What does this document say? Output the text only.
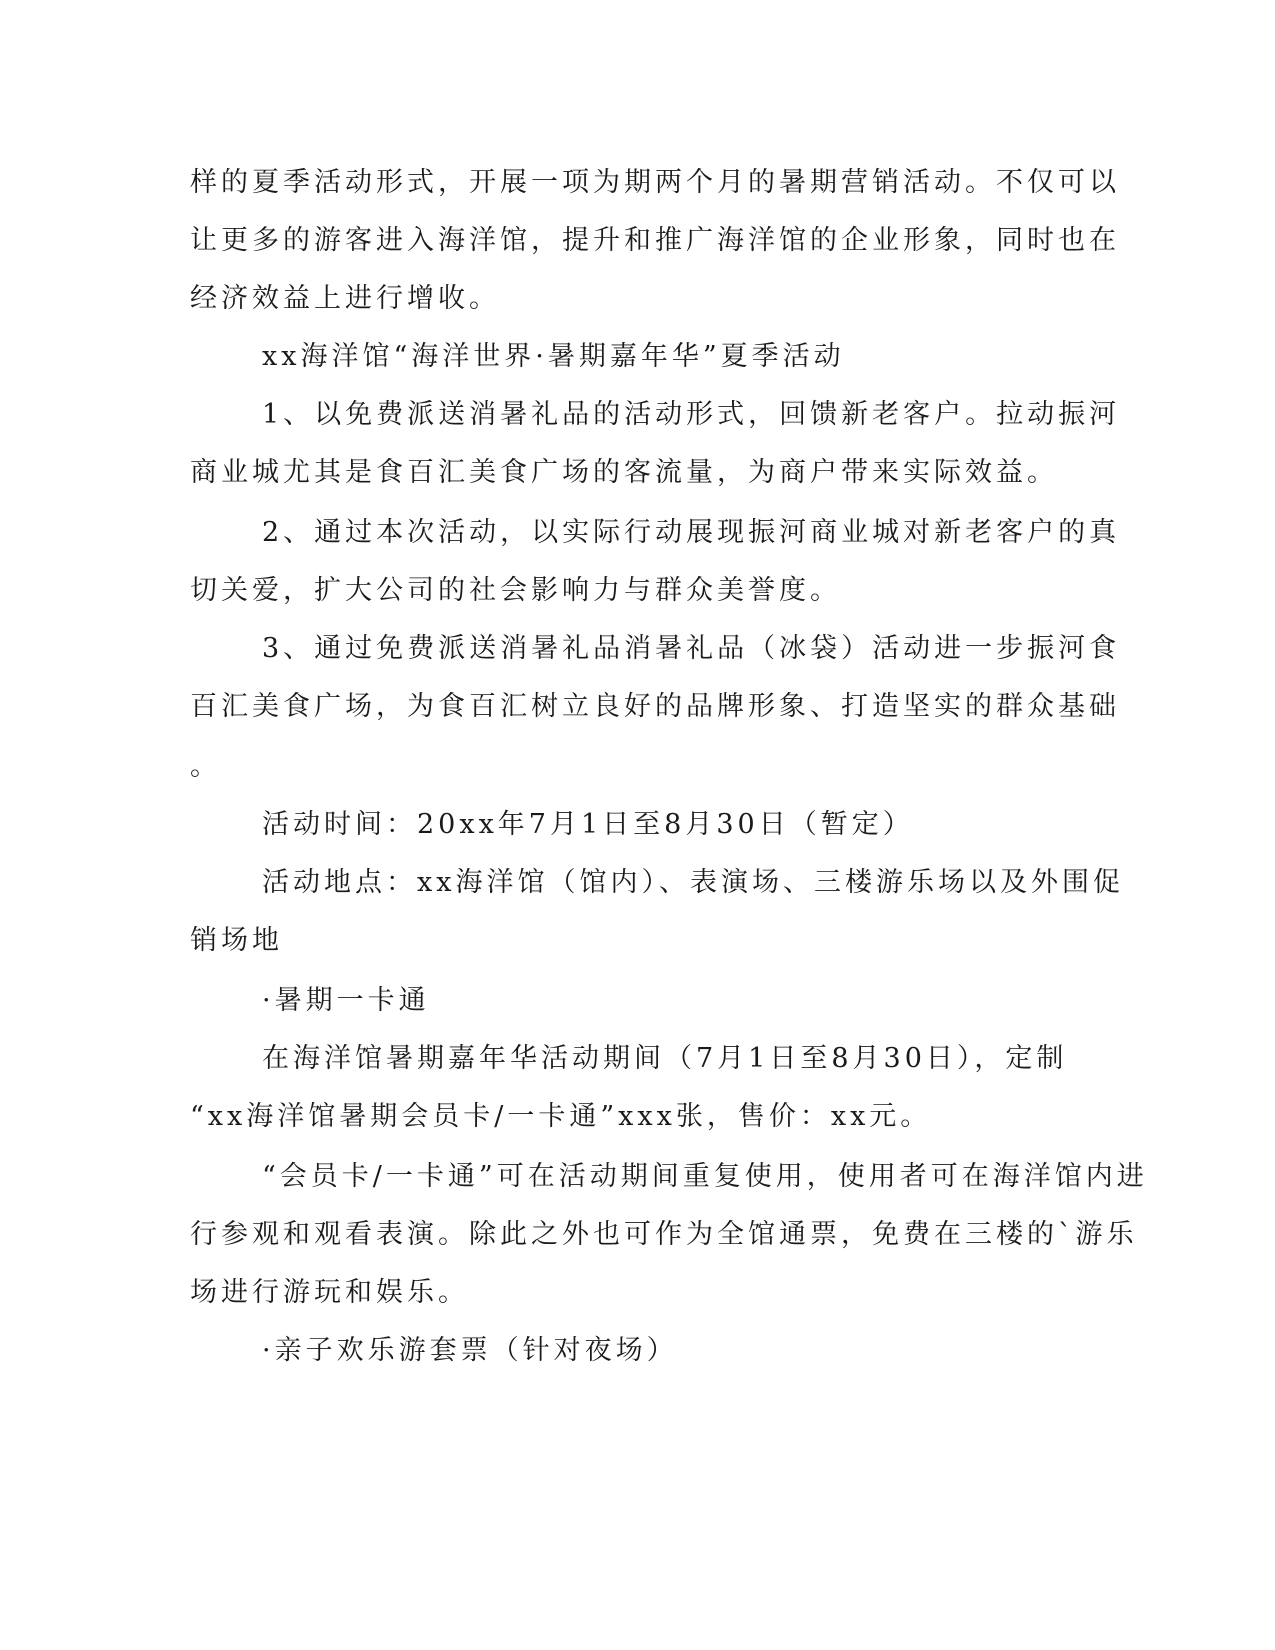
样的夏季活动形式，开展一项为期两个月的暑期营销活动。不仅可以
让更多的游客进入海洋馆，提升和推广海洋馆的企业形象，同时也在
经济效益上进行增收。
xx海洋馆“海洋世界·暑期嘉年华”夏季活动
1、以免费派送消暑礼品的活动形式，回馈新老客户。拉动振河
商业城尤其是食百汇美食广场的客流量，为商户带来实际效益。
2、通过本次活动，以实际行动展现振河商业城对新老客户的真
切关爱，扩大公司的社会影响力与群众美誉度。
3、通过免费派送消暑礼品消暑礼品（冰袋）活动进一步振河食
百汇美食广场，为食百汇树立良好的品牌形象、打造坚实的群众基础
。
活动时间：20xx年7月1日至8月30日（暂定）
活动地点：xx海洋馆（馆内）、表演场、三楼游乐场以及外围促
销场地
·暑期一卡通
在海洋馆暑期嘉年华活动期间（7月1日至8月30日），定制
“xx海洋馆暑期会员卡/一卡通”xxx张，售价：xx元。
“会员卡/一卡通”可在活动期间重复使用，使用者可在海洋馆内进
行参观和观看表演。除此之外也可作为全馆通票，免费在三楼的`游乐
场进行游玩和娱乐。
·亲子欢乐游套票（针对夜场）
